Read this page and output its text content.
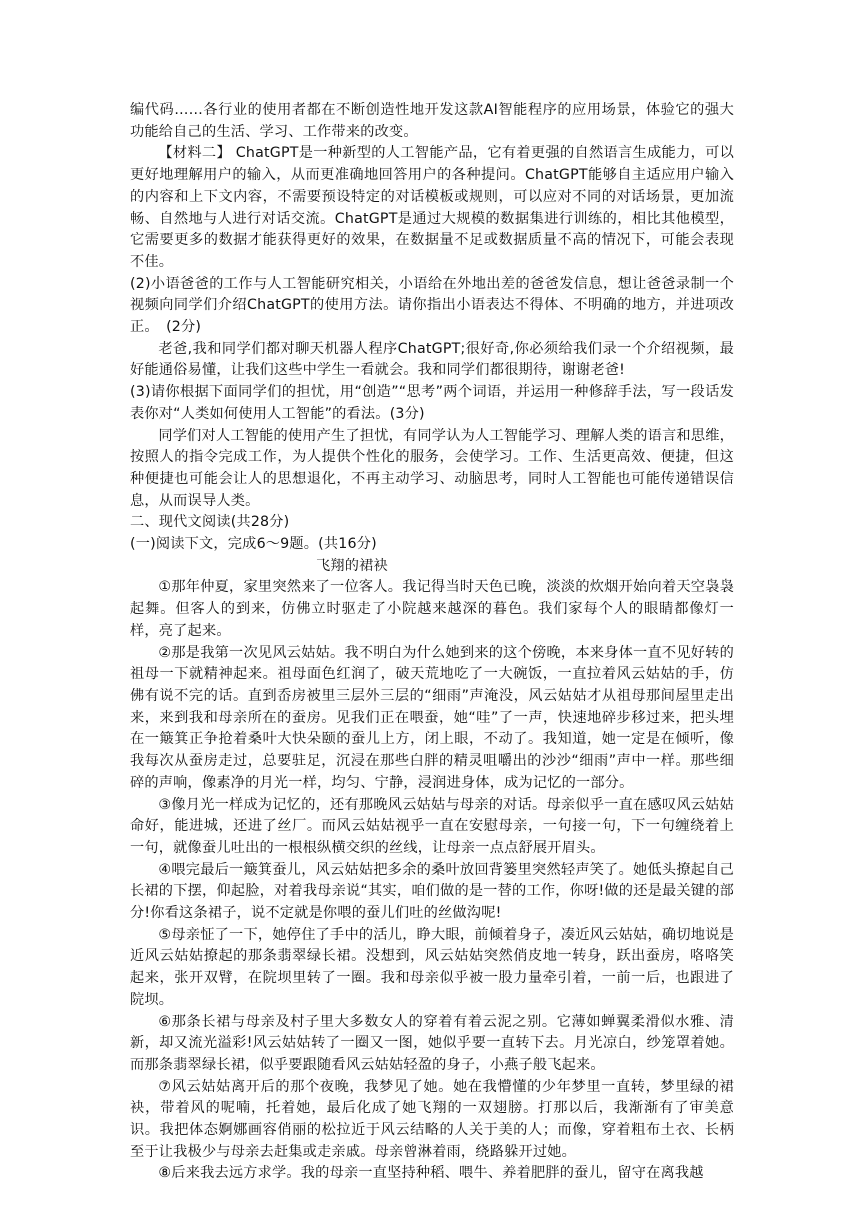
编代码……各行业的使用者都在不断创造性地开发这款AI智能程序的应用场景，体验它的强大功能给自己的生活、学习、工作带来的改变。

【材料二】 ChatGPT是一种新型的人工智能产品，它有着更强的自然语言生成能力，可以更好地理解用户的输入，从而更准确地回答用户的各种提问。ChatGPT能够自主适应用户输入的内容和上下文内容，不需要预设特定的对话模板或规则，可以应对不同的对话场景，更加流畅、自然地与人进行对话交流。ChatGPT是通过大规模的数据集进行训练的，相比其他模型，它需要更多的数据才能获得更好的效果，在数据量不足或数据质量不高的情况下，可能会表现不佳。

(2)小语爸爸的工作与人工智能研究相关，小语给在外地出差的爸爸发信息，想让爸爸录制一个视频向同学们介绍ChatGPT的使用方法。请你指出小语表达不得体、不明确的地方，并进项改正。　(2分)

老爸,我和同学们都对聊天机器人程序ChatGPT;很好奇,你必须给我们录一个介绍视频，最好能通俗易懂，让我们这些中学生一看就会。我和同学们都很期待，谢谢老爸!

(3)请你根据下面同学们的担忧，用“创造”“思考”两个词语，并运用一种修辞手法，写一段话发表你对“人类如何使用人工智能”的看法。(3分)

同学们对人工智能的使用产生了担忧，有同学认为人工智能学习、理解人类的语言和思维，按照人的指令完成工作，为人提供个性化的服务，会使学习。工作、生活更高效、便捷，但这种便捷也可能会让人的思想退化，不再主动学习、动脑思考，同时人工智能也可能传递错误信息，从而误导人类。

二、现代文阅读(共28分)

(一)阅读下文，完成6～9题。(共16分)

飞翔的裙袂

①那年仲夏，家里突然来了一位客人。我记得当时天色已晚，淡淡的炊烟开始向着天空袅袅起舞。但客人的到来，仿佛立时驱走了小院越来越深的暮色。我们家每个人的眼睛都像灯一样，亮了起来。

②那是我第一次见风云姑姑。我不明白为什么她到来的这个傍晚，本来身体一直不见好转的祖母一下就精神起来。祖母面色红润了，破天荒地吃了一大碗饭，一直拉着风云姑姑的手，仿佛有说不完的话。直到岙房被里三层外三层的“细雨”声淹没，风云姑姑才从祖母那间屋里走出来，来到我和母亲所在的蚕房。见我们正在喂蚕，她“哇”了一声，快速地碎步移过来，把头埋在一簸箕正争抢着桑叶大快朵颐的蚕儿上方，闭上眼，不动了。我知道，她一定是在倾听，像我每次从蚕房走过，总要驻足，沉浸在那些白胖的精灵咀嚼出的沙沙“细雨”声中一样。那些细碎的声响，像素净的月光一样，均匀、宁静，浸润进身体，成为记忆的一部分。

③像月光一样成为记忆的，还有那晚风云姑姑与母亲的对话。母亲似乎一直在感叹风云姑姑命好，能进城，还进了丝厂。而风云姑姑视乎一直在安慰母亲，一句接一句，下一句缠绕着上一句，就像蚕儿吐出的一根根纵横交织的丝线，让母亲一点点舒展开眉头。

④喂完最后一簸箕蚕儿，风云姑姑把多余的桑叶放回背篓里突然轻声笑了。她低头撩起自己长裙的下摆，仰起脸，对着我母亲说“其实，咱们做的是一替的工作，你呀!做的还是最关键的部分!你看这条裙子，说不定就是你喂的蚕儿们吐的丝做沟呢!

⑤母亲怔了一下，她停住了手中的活儿，睁大眼，前倾着身子，凑近风云姑姑，确切地说是近风云姑姑撩起的那条翡翠绿长裙。没想到，风云姑姑突然俏皮地一转身，跃出蚕房，咯咯笑起来，张开双臂，在院坝里转了一圈。我和母亲似乎被一股力量牵引着，一前一后，也跟进了院坝。

⑥那条长裙与母亲及村子里大多数女人的穿着有着云泥之别。它薄如蝉翼柔滑似水雅、清新，却又流光溢彩!风云姑姑转了一圈又一图，她似乎要一直转下去。月光凉白，纱笼罩着她。而那条翡翠绿长裙，似乎要跟随看风云姑姑轻盈的身子，小燕子般飞起来。

⑦风云姑姑离开后的那个夜晚，我梦见了她。她在我懵懂的少年梦里一直转，梦里绿的裙袂，带着风的呢喃，托着她，最后化成了她飞翔的一双翅膀。打那以后，我渐渐有了审美意识。我把体态婀娜画容俏丽的松拉近于风云结略的人关于美的人；而像，穿着粗布土衣、长柄至于让我极少与母亲去赶集或走亲戚。母亲曾淋着雨，绕路躲开过她。

⑧后来我去远方求学。我的母亲一直坚持种稻、喂牛、养着肥胖的蚕儿，留守在离我越
